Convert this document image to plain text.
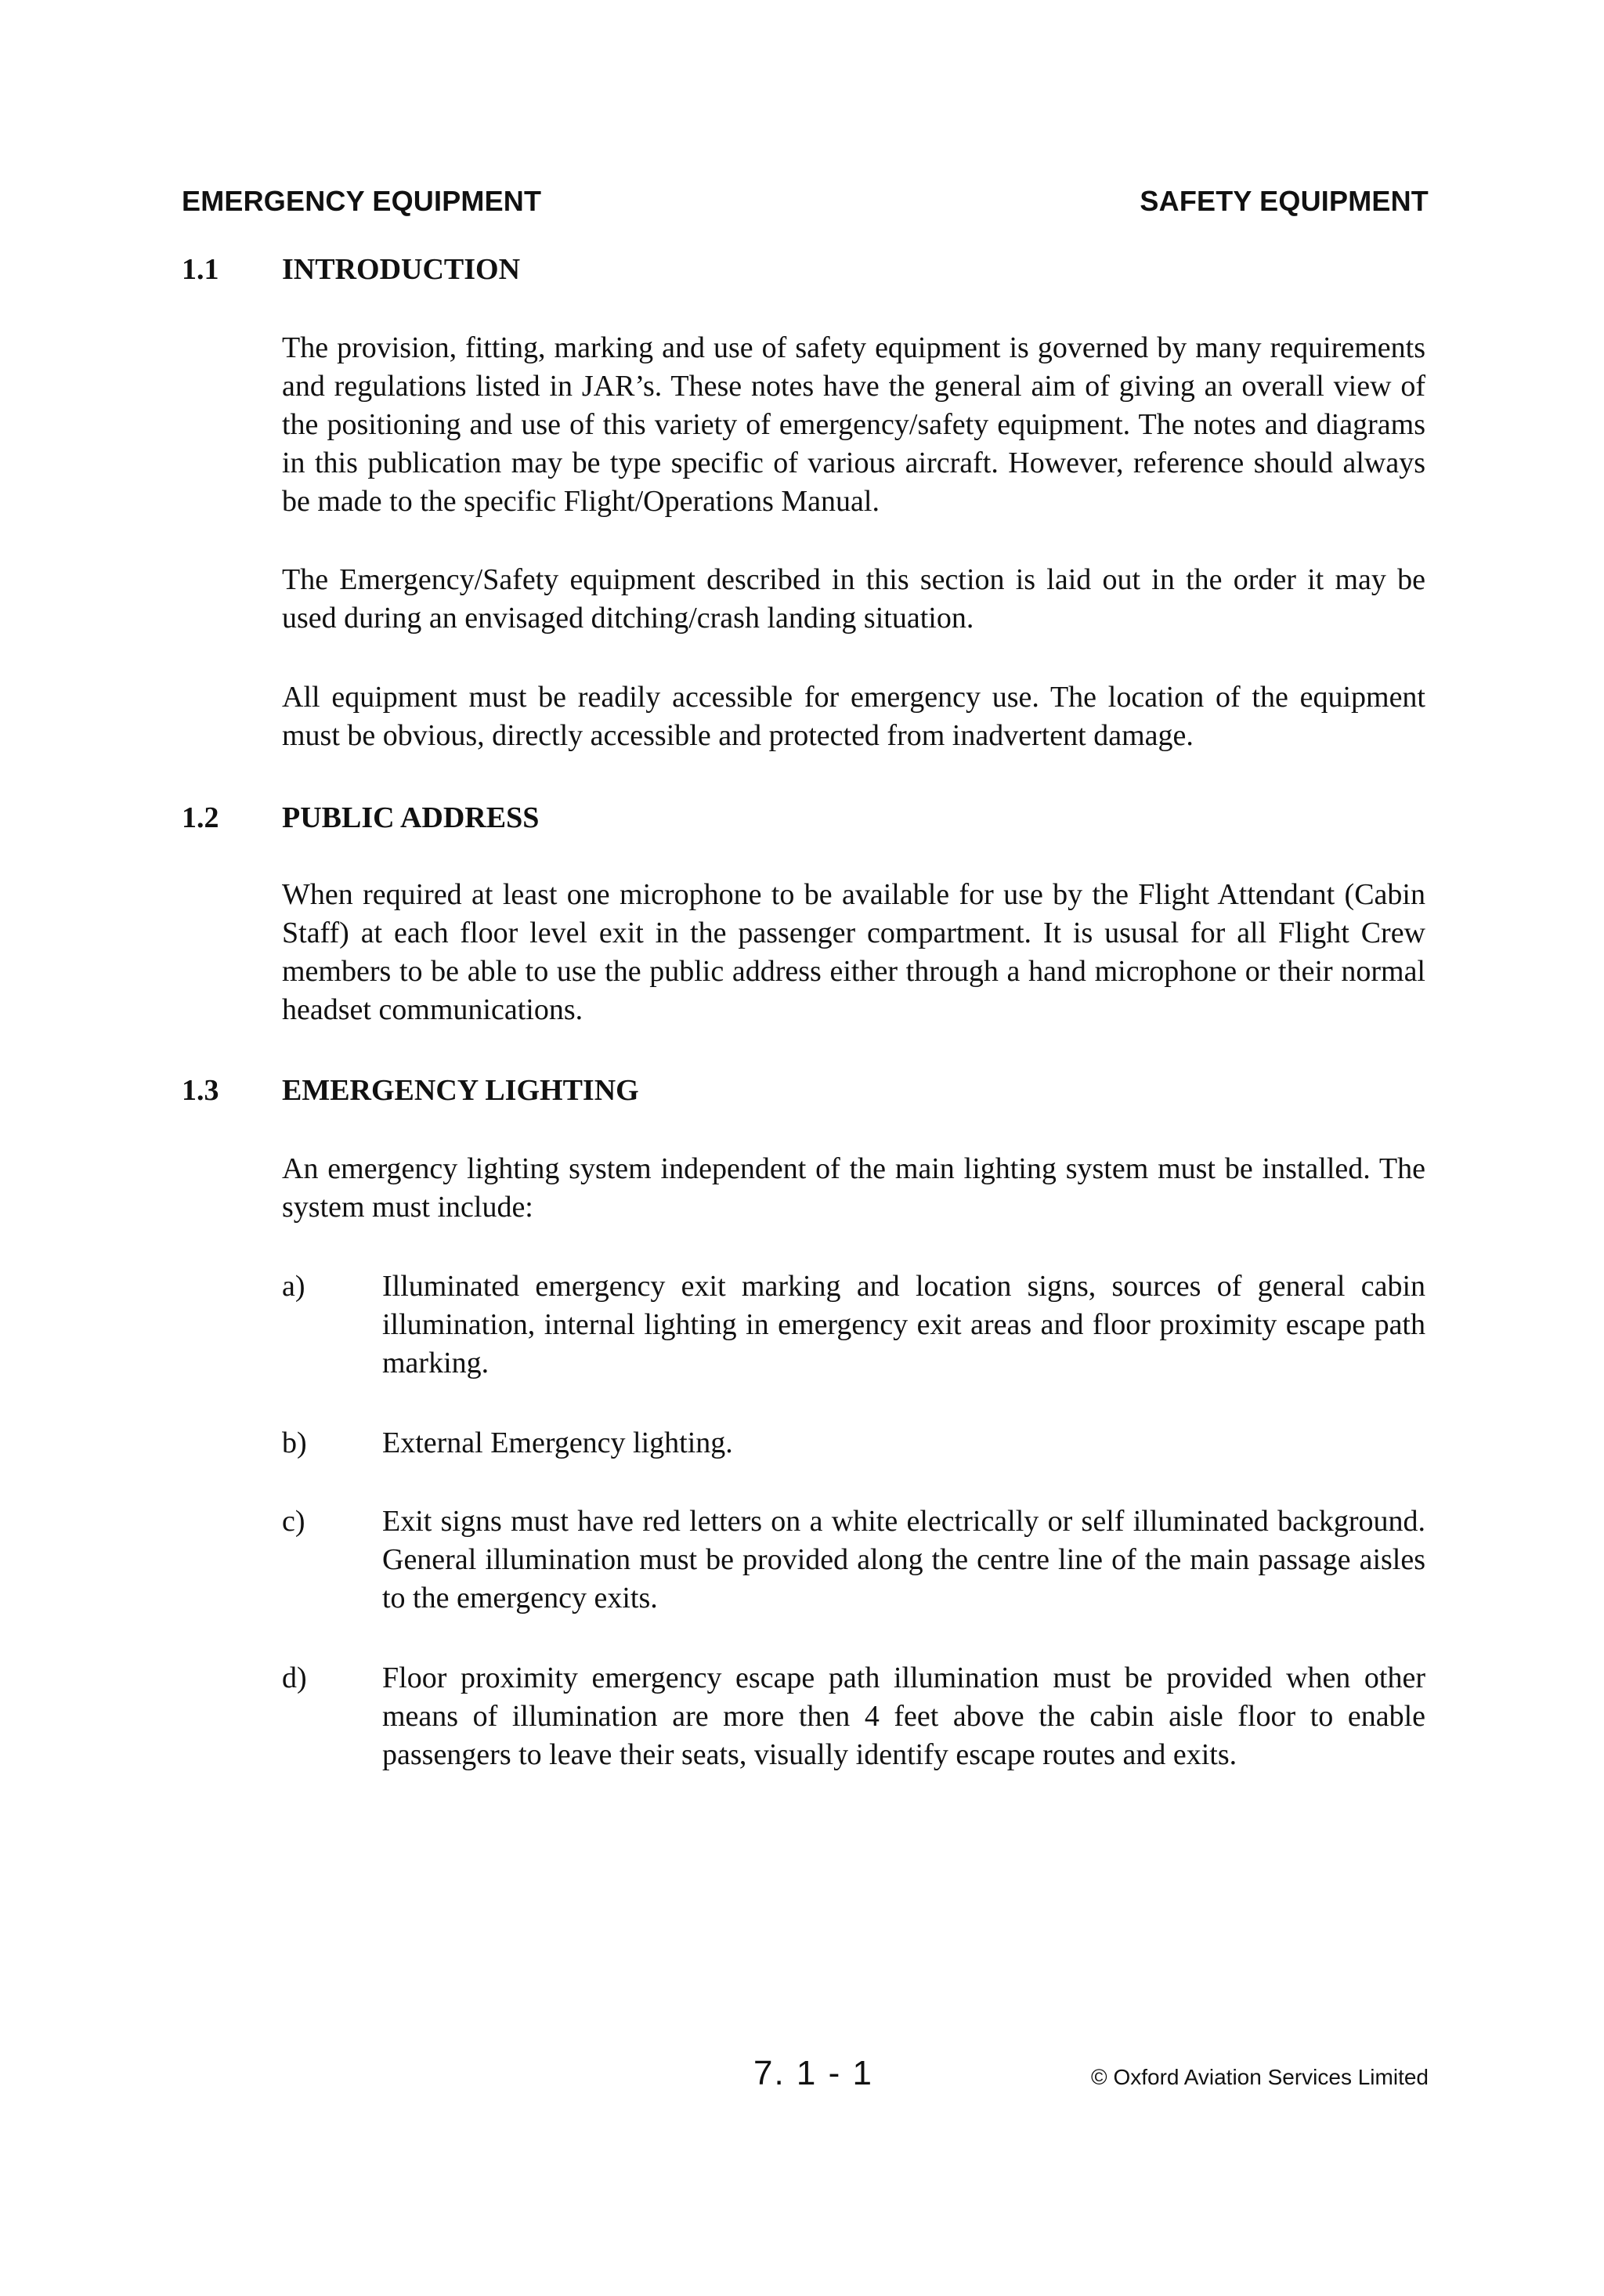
EMERGENCY EQUIPMENT	SAFETY EQUIPMENT
1.1 INTRODUCTION

The provision, fitting, marking and use of safety equipment is governed by many requirements and regulations listed in JAR’s. These notes have the general aim of giving an overall view of the positioning and use of this variety of emergency/safety equipment. The notes and diagrams in this publication may be type specific of various aircraft. However, reference should always be made to the specific Flight/Operations Manual.

The Emergency/Safety equipment described in this section is laid out in the order it may be used during an envisaged ditching/crash landing situation.

All equipment must be readily accessible for emergency use. The location of the equipment must be obvious, directly accessible and protected from inadvertent damage.

1.2 PUBLIC ADDRESS

When required at least one microphone to be available for use by the Flight Attendant (Cabin Staff) at each floor level exit in the passenger compartment. It is ususal for all Flight Crew members to be able to use the public address either through a hand microphone or their normal headset communications.

1.3 EMERGENCY LIGHTING

An emergency lighting system independent of the main lighting system must be installed. The system must include:

a)	Illuminated emergency exit marking and location signs, sources of general cabin illumination, internal lighting in emergency exit areas and floor proximity escape path marking.

b)	External Emergency lighting.

c)	Exit signs must have red letters on a white electrically or self illuminated background. General illumination must be provided along the centre line of the main passage aisles to the emergency exits.

d)	Floor proximity emergency escape path illumination must be provided when other means of illumination are more then 4 feet above the cabin aisle floor to enable passengers to leave their seats, visually identify escape routes and exits.

7. 1 - 1	© Oxford Aviation Services Limited
